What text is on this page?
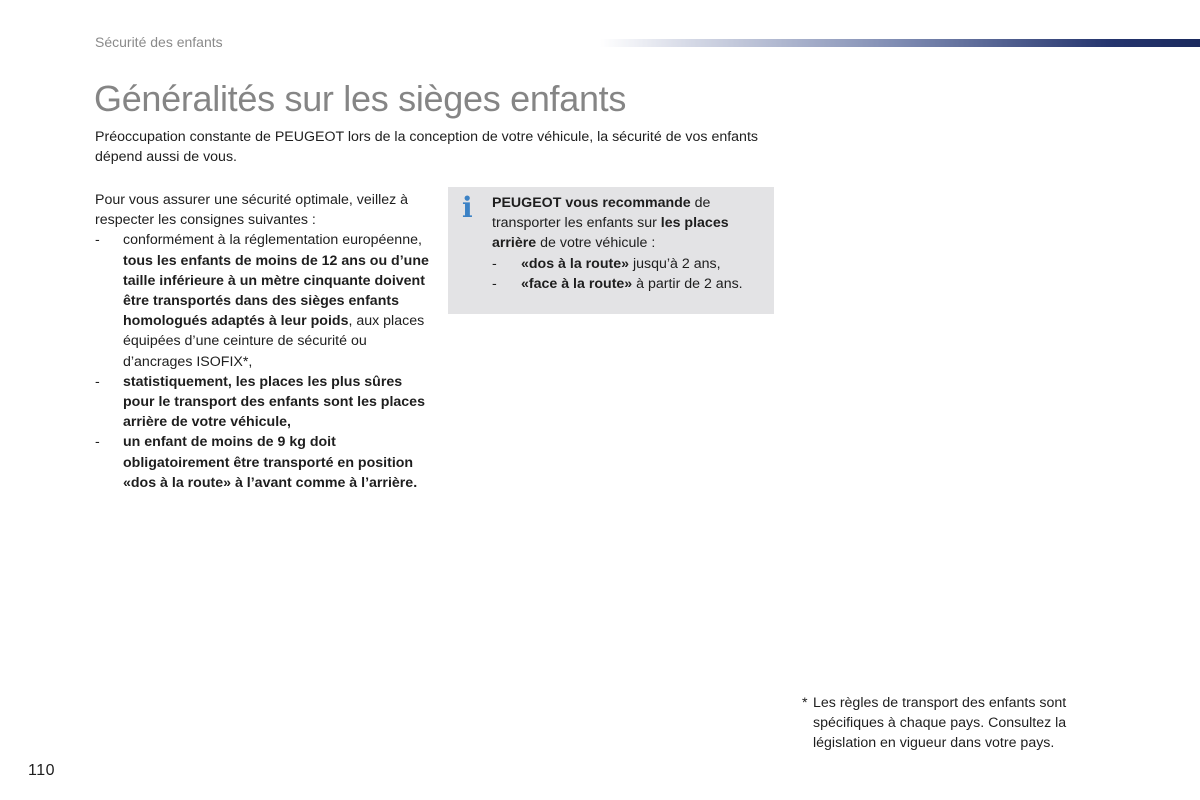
Sécurité des enfants
Généralités sur les sièges enfants

Préoccupation constante de PEUGEOT lors de la conception de votre véhicule, la sécurité de vos enfants dépend aussi de vous.

Pour vous assurer une sécurité optimale, veillez à respecter les consignes suivantes :

- conformément à la réglementation européenne, tous les enfants de moins de 12 ans ou d’une taille inférieure à un mètre cinquante doivent être transportés dans des sièges enfants homologués adaptés à leur poids, aux places équipées d’une ceinture de sécurité ou d’ancrages ISOFIX*,
- statistiquement, les places les plus sûres pour le transport des enfants sont les places arrière de votre véhicule,
- un enfant de moins de 9 kg doit obligatoirement être transporté en position «dos à la route» à l’avant comme à l’arrière.
i PEUGEOT vous recommande de transporter les enfants sur les places arrière de votre véhicule :

- «dos à la route» jusqu’à 2 ans,
- «face à la route» à partir de 2 ans.
* Les règles de transport des enfants sont spécifiques à chaque pays. Consultez la législation en vigueur dans votre pays.
110
